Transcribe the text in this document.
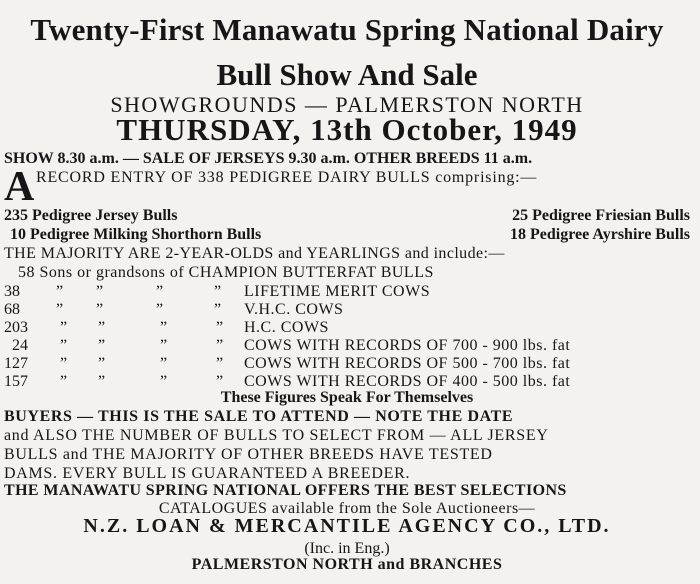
Twenty-First Manawatu Spring National Dairy
Bull Show And Sale
SHOWGROUNDS — PALMERSTON NORTH
THURSDAY, 13th October, 1949
SHOW 8.30 a.m. — SALE OF JERSEYS 9.30 a.m. OTHER BREEDS 11 a.m.
A RECORD ENTRY OF 338 PEDIGREE DAIRY BULLS comprising:—
235 Pedigree Jersey Bulls	25 Pedigree Friesian Bulls
10 Pedigree Milking Shorthorn Bulls	18 Pedigree Ayrshire Bulls
THE MAJORITY ARE 2-YEAR-OLDS and YEARLINGS and include:—
58 Sons or grandsons of CHAMPION BUTTERFAT BULLS
38	” ”	”	” LIFETIME MERIT COWS
68	” ”	”	” V.H.C. COWS
203	” ”	”	” H.C. COWS
24	” ”	”	” COWS WITH RECORDS OF 700 - 900 lbs. fat
127	” ”	”	” COWS WITH RECORDS OF 500 - 700 lbs. fat
157	” ”	”	” COWS WITH RECORDS OF 400 - 500 lbs. fat
These Figures Speak For Themselves
BUYERS — THIS IS THE SALE TO ATTEND — NOTE THE DATE
and ALSO THE NUMBER OF BULLS TO SELECT FROM — ALL JERSEY
BULLS and THE MAJORITY OF OTHER BREEDS HAVE TESTED
DAMS. EVERY BULL IS GUARANTEED A BREEDER.
THE MANAWATU SPRING NATIONAL OFFERS THE BEST SELECTIONS
CATALOGUES available from the Sole Auctioneers—
N.Z. LOAN & MERCANTILE AGENCY CO., LTD.
(Inc. in Eng.)
PALMERSTON NORTH and BRANCHES
